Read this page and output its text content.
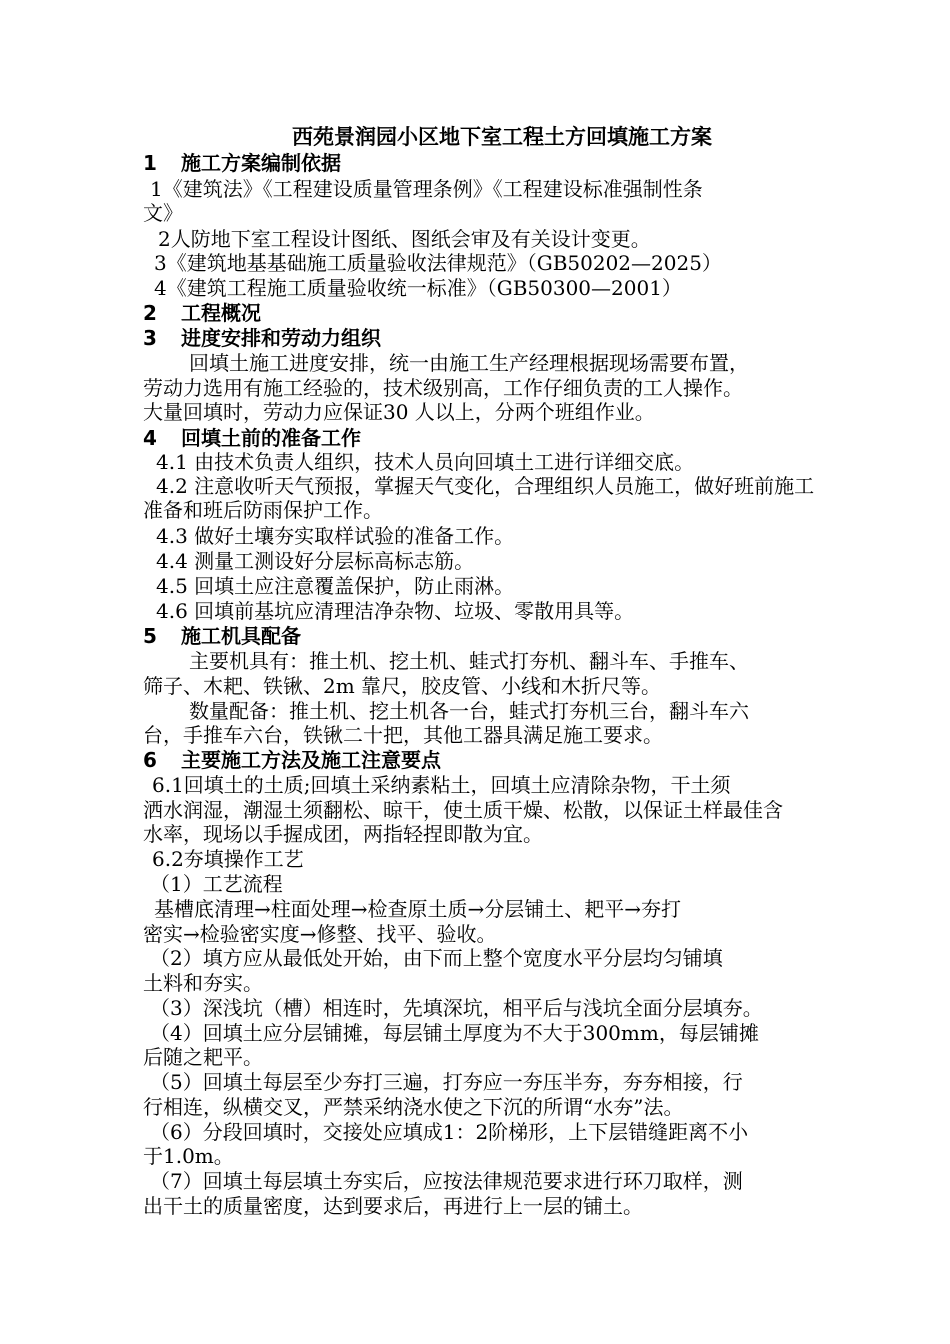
西苑景润园小区地下室工程土方回填施工方案
1 施工方案编制依据
1《建筑法》《工程建设质量管理条例》《工程建设标准强制性条
文》
2人防地下室工程设计图纸、图纸会审及有关设计变更。
3《建筑地基基础施工质量验收法律规范》（GB50202—2025）
4《建筑工程施工质量验收统一标准》（GB50300—2001）
2 工程概况
3 进度安排和劳动力组织
回填土施工进度安排，统一由施工生产经理根据现场需要布置，
劳动力选用有施工经验的，技术级别高，工作仔细负责的工人操作。
大量回填时，劳动力应保证30 人以上，分两个班组作业。
4 回填土前的准备工作
4.1 由技术负责人组织，技术人员向回填土工进行详细交底。
4.2 注意收听天气预报，掌握天气变化，合理组织人员施工，做好班前施工
准备和班后防雨保护工作。
4.3 做好土壤夯实取样试验的准备工作。
4.4 测量工测设好分层标高标志筋。
4.5 回填土应注意覆盖保护，防止雨淋。
4.6 回填前基坑应清理洁净杂物、垃圾、零散用具等。
5 施工机具配备
主要机具有：推土机、挖土机、蛙式打夯机、翻斗车、手推车、
筛子、木耙、铁锹、2m 靠尺，胶皮管、小线和木折尺等。
数量配备：推土机、挖土机各一台，蛙式打夯机三台，翻斗车六
台，手推车六台，铁锹二十把，其他工器具满足施工要求。
6 主要施工方法及施工注意要点
6.1回填土的土质;回填土采纳素粘土，回填土应清除杂物，干土须
洒水润湿，潮湿土须翻松、晾干，使土质干燥、松散，以保证土样最佳含
水率，现场以手握成团，两指轻捏即散为宜。
6.2夯填操作工艺
（1）工艺流程
基槽底清理→柱面处理→检查原土质→分层铺土、耙平→夯打
密实→检验密实度→修整、找平、验收。
（2）填方应从最低处开始，由下而上整个宽度水平分层均匀铺填
土料和夯实。
（3）深浅坑（槽）相连时，先填深坑，相平后与浅坑全面分层填夯。
（4）回填土应分层铺摊，每层铺土厚度为不大于300mm，每层铺摊
后随之耙平。
（5）回填土每层至少夯打三遍，打夯应一夯压半夯，夯夯相接，行
行相连，纵横交叉，严禁采纳浇水使之下沉的所谓“水夯”法。
（6）分段回填时，交接处应填成1：2阶梯形，上下层错缝距离不小
于1.0m。
（7）回填土每层填土夯实后，应按法律规范要求进行环刀取样，测
出干土的质量密度，达到要求后，再进行上一层的铺土。
